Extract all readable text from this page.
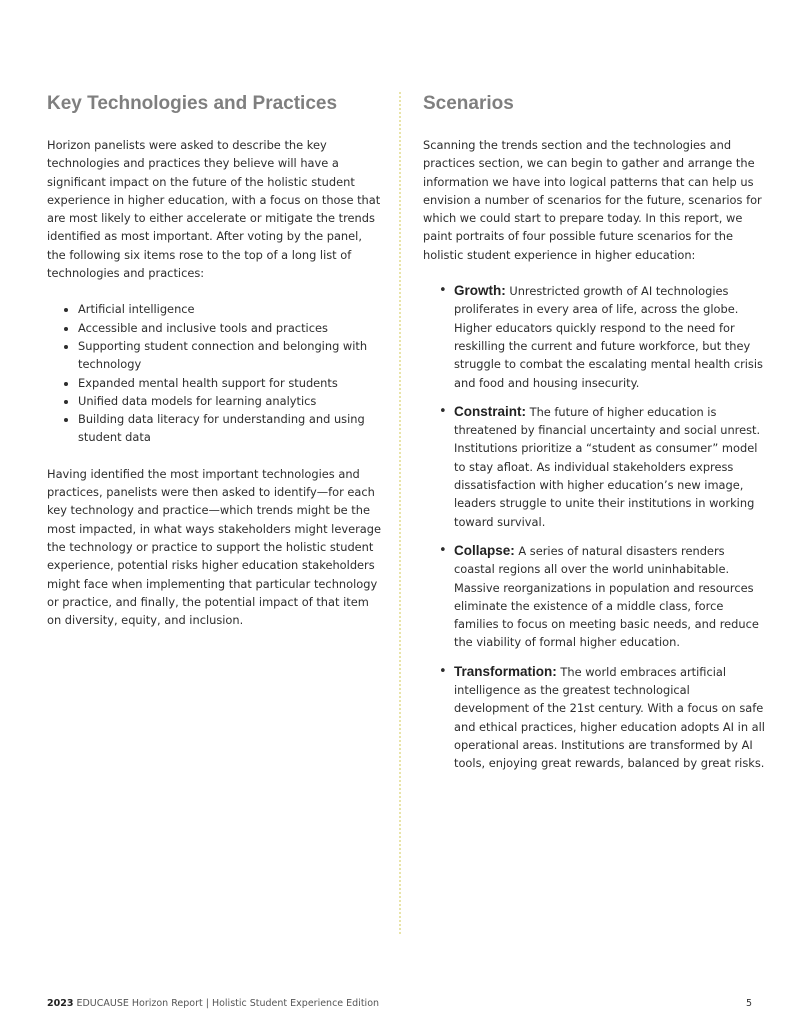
Key Technologies and Practices

Horizon panelists were asked to describe the key technologies and practices they believe will have a significant impact on the future of the holistic student experience in higher education, with a focus on those that are most likely to either accelerate or mitigate the trends identified as most important. After voting by the panel, the following six items rose to the top of a long list of technologies and practices:

• Artificial intelligence
• Accessible and inclusive tools and practices
• Supporting student connection and belonging with technology
• Expanded mental health support for students
• Unified data models for learning analytics
• Building data literacy for understanding and using student data

Having identified the most important technologies and practices, panelists were then asked to identify—for each key technology and practice—which trends might be the most impacted, in what ways stakeholders might leverage the technology or practice to support the holistic student experience, potential risks higher education stakeholders might face when implementing that particular technology or practice, and finally, the potential impact of that item on diversity, equity, and inclusion.

Scenarios

Scanning the trends section and the technologies and practices section, we can begin to gather and arrange the information we have into logical patterns that can help us envision a number of scenarios for the future, scenarios for which we could start to prepare today. In this report, we paint portraits of four possible future scenarios for the holistic student experience in higher education:

• Growth: Unrestricted growth of AI technologies proliferates in every area of life, across the globe. Higher educators quickly respond to the need for reskilling the current and future workforce, but they struggle to combat the escalating mental health crisis and food and housing insecurity.
• Constraint: The future of higher education is threatened by financial uncertainty and social unrest. Institutions prioritize a “student as consumer” model to stay afloat. As individual stakeholders express dissatisfaction with higher education’s new image, leaders struggle to unite their institutions in working toward survival.
• Collapse: A series of natural disasters renders coastal regions all over the world uninhabitable. Massive reorganizations in population and resources eliminate the existence of a middle class, force families to focus on meeting basic needs, and reduce the viability of formal higher education.
• Transformation: The world embraces artificial intelligence as the greatest technological development of the 21st century. With a focus on safe and ethical practices, higher education adopts AI in all operational areas. Institutions are transformed by AI tools, enjoying great rewards, balanced by great risks.
2023 EDUCAUSE Horizon Report | Holistic Student Experience Edition	5
